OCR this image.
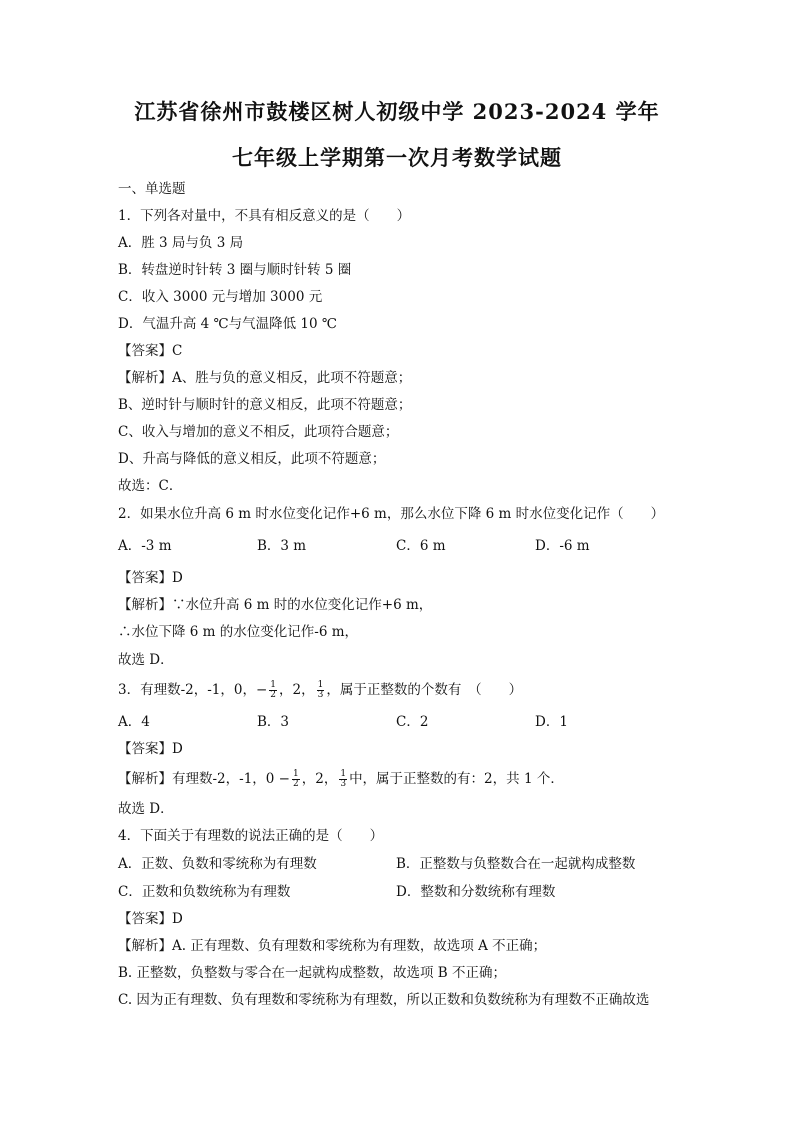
江苏省徐州市鼓楼区树人初级中学 2023-2024 学年
七年级上学期第一次月考数学试题
一、单选题
1．下列各对量中，不具有相反意义的是（　　）
A．胜 3 局与负 3 局
B．转盘逆时针转 3 圈与顺时针转 5 圈
C．收入 3000 元与增加 3000 元
D．气温升高 4 ℃与气温降低 10 ℃
【答案】C
【解析】A、胜与负的意义相反，此项不符题意；
B、逆时针与顺时针的意义相反，此项不符题意；
C、收入与增加的意义不相反，此项符合题意；
D、升高与降低的意义相反，此项不符题意；
故选：C．
2．如果水位升高 6 m 时水位变化记作+6 m，那么水位下降 6 m 时水位变化记作（　　）
A．-3 m	B．3 m	C．6 m	D．-6 m
【答案】D
【解析】∵水位升高 6 m 时的水位变化记作+6 m，
∴水位下降 6 m 的水位变化记作-6 m，
故选 D．
3．有理数-2，-1，0，− $\frac{1}{2}$ ，2， $\frac{1}{3}$ ，属于正整数的个数有　（　　）
A．4	B．3	C．2	D．1
【答案】D
【解析】有理数-2，-1，$0 - \frac{1}{2}$ ，2， $\frac{1}{3}$ 中，属于正整数的有：2，共 1 个．
故选 D．
4．下面关于有理数的说法正确的是（　　）
A．正数、负数和零统称为有理数	B．正整数与负整数合在一起就构成整数
C．正数和负数统称为有理数	D．整数和分数统称有理数
【答案】D
【解析】A. 正有理数、负有理数和零统称为有理数，故选项 A 不正确；
B. 正整数，负整数与零合在一起就构成整数，故选项 B 不正确；
C. 因为正有理数、负有理数和零统称为有理数，所以正数和负数统称为有理数不正确故选
